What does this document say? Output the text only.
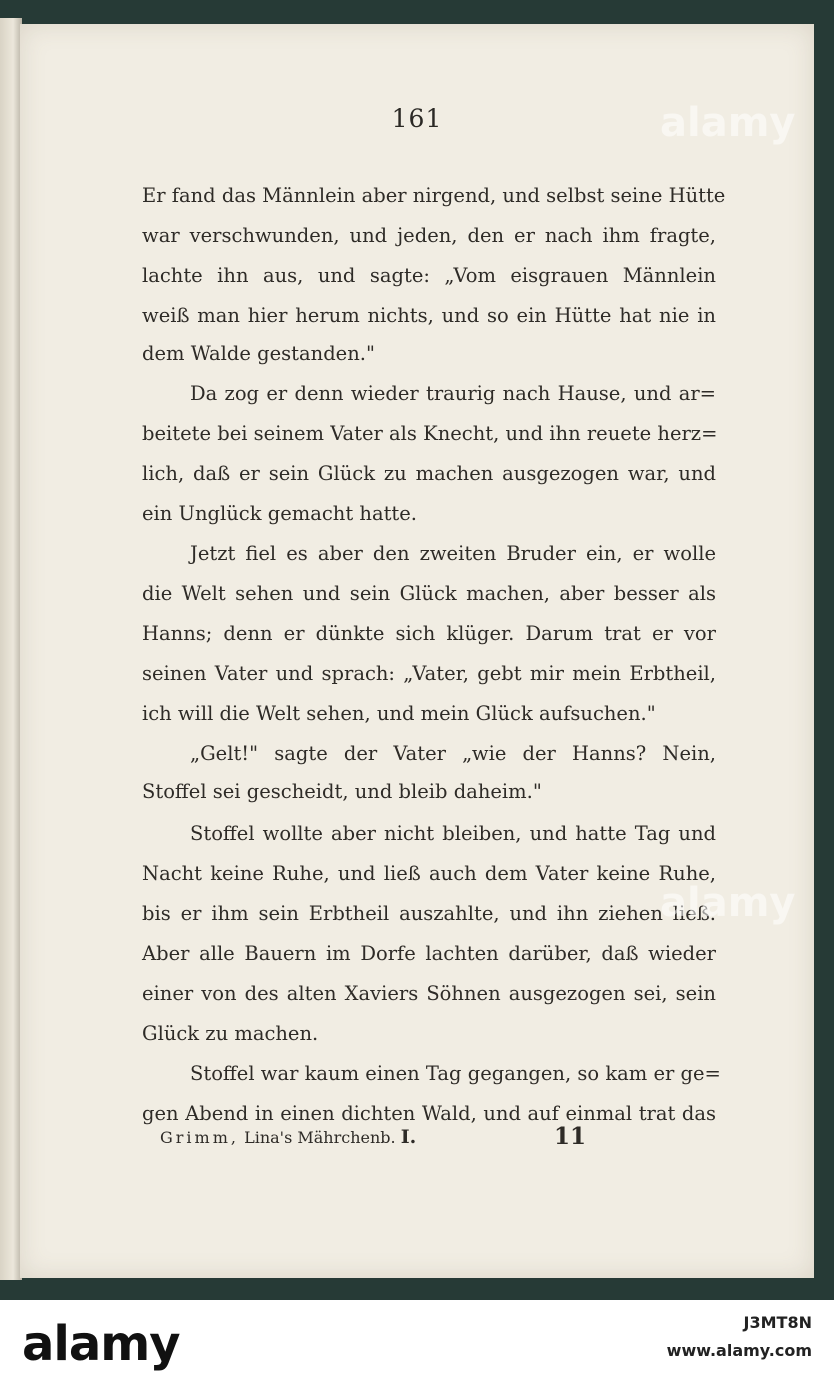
161
Er fand das Männlein aber nirgend, und selbst seine Hütte
war verschwunden, und jeden, den er nach ihm fragte,
lachte ihn aus, und sagte: „Vom eisgrauen Männlein
weiß man hier herum nichts, und so ein Hütte hat nie in
dem Walde gestanden."
Da zog er denn wieder traurig nach Hause, und ar=
beitete bei seinem Vater als Knecht, und ihn reuete herz=
lich, daß er sein Glück zu machen ausgezogen war, und
ein Unglück gemacht hatte.
Jetzt fiel es aber den zweiten Bruder ein, er wolle
die Welt sehen und sein Glück machen, aber besser als
Hanns; denn er dünkte sich klüger. Darum trat er vor
seinen Vater und sprach: „Vater, gebt mir mein Erbtheil,
ich will die Welt sehen, und mein Glück aufsuchen."
„Gelt!" sagte der Vater „wie der Hanns? Nein,
Stoffel sei gescheidt, und bleib daheim."
Stoffel wollte aber nicht bleiben, und hatte Tag und
Nacht keine Ruhe, und ließ auch dem Vater keine Ruhe,
bis er ihm sein Erbtheil auszahlte, und ihn ziehen ließ.
Aber alle Bauern im Dorfe lachten darüber, daß wieder
einer von des alten Xaviers Söhnen ausgezogen sei, sein
Glück zu machen.
Stoffel war kaum einen Tag gegangen, so kam er ge=
gen Abend in einen dichten Wald, und auf einmal trat das
Grimm, Lina's Mährchenb. I.	11
alamy
alamy
alamy	J3MT8N
www.alamy.com
